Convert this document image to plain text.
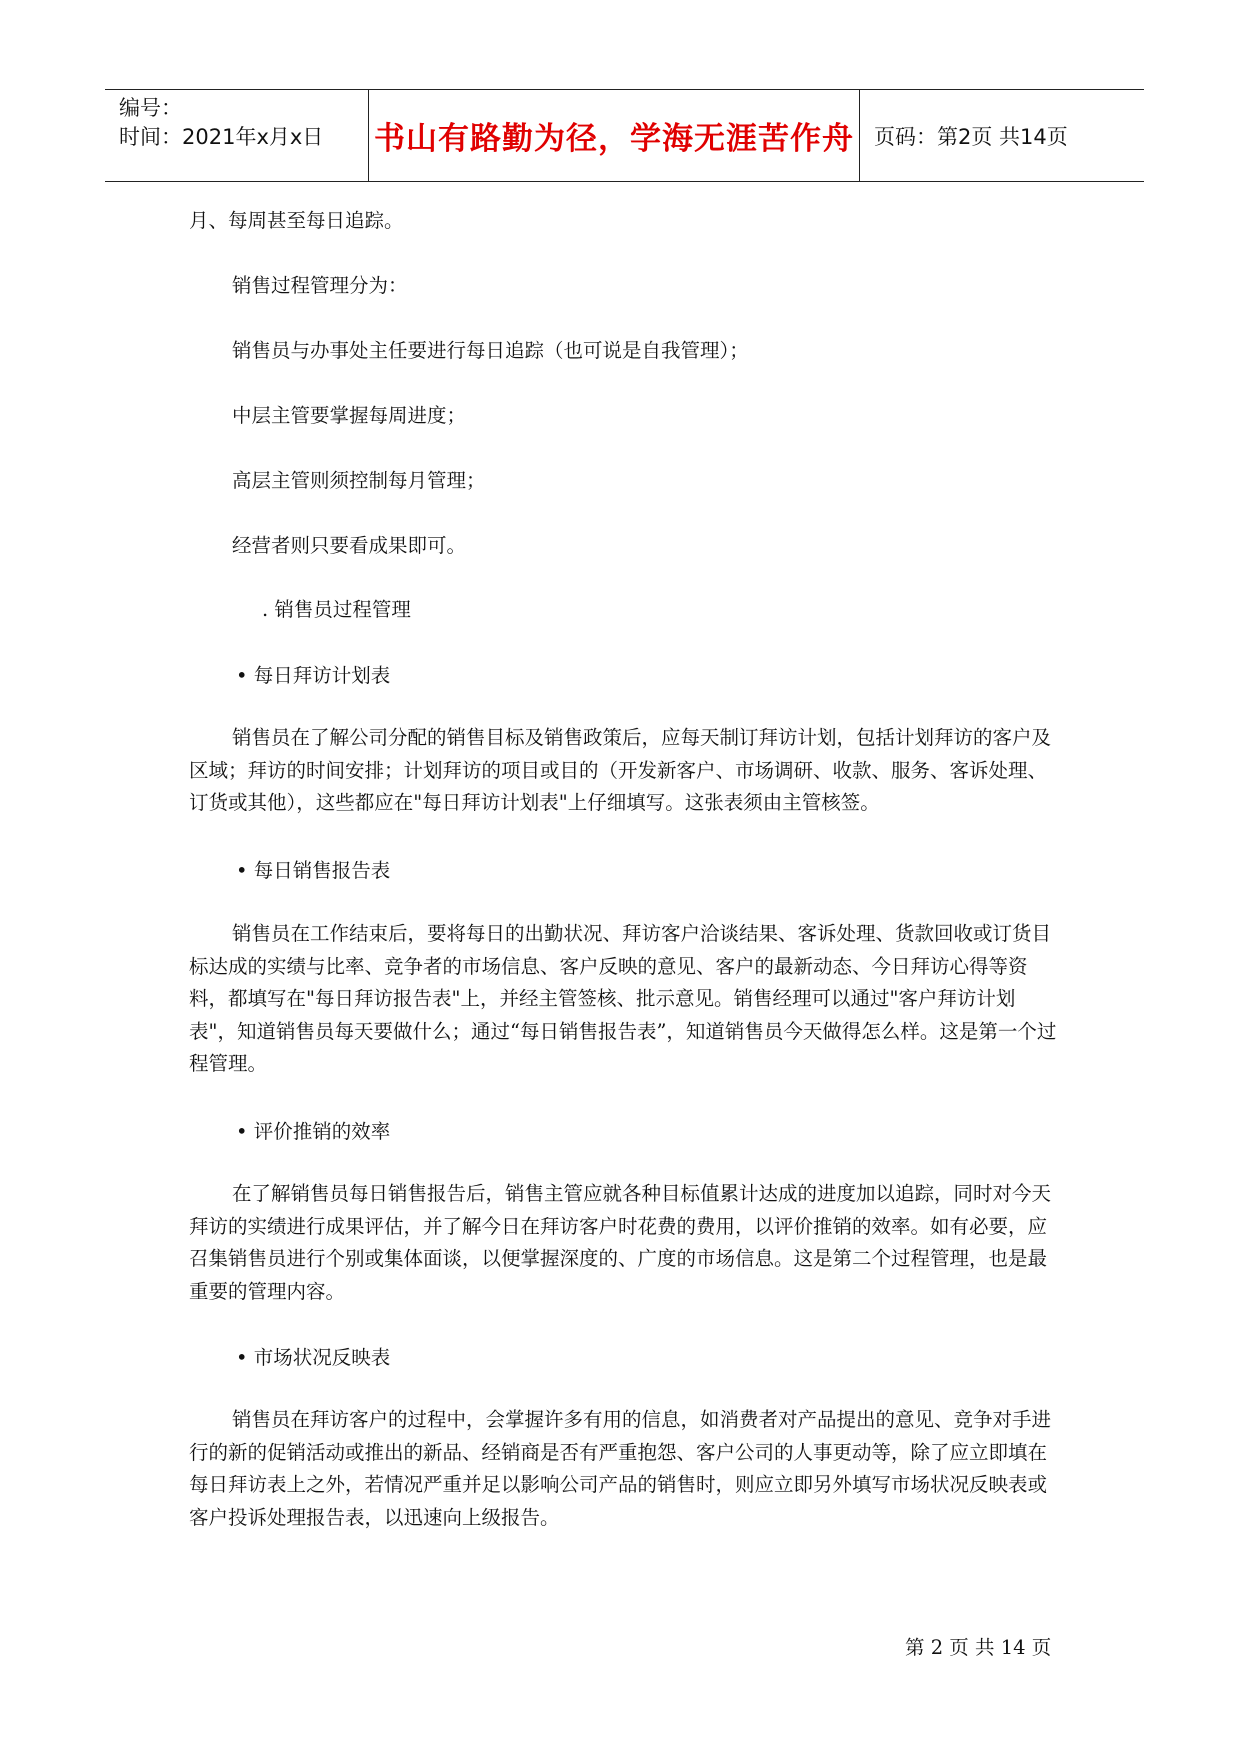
编号：
时间：2021年x月x日	书山有路勤为径，学海无涯苦作舟 页码：第2页 共14页
月、每周甚至每日追踪。
销售过程管理分为：
销售员与办事处主任要进行每日追踪（也可说是自我管理）；
中层主管要掌握每周进度；
高层主管则须控制每月管理；
经营者则只要看成果即可。
. 销售员过程管理
• 每日拜访计划表
销售员在了解公司分配的销售目标及销售政策后，应每天制订拜访计划，包括计划拜访的客户及区域；拜访的时间安排；计划拜访的项目或目的（开发新客户、市场调研、收款、服务、客诉处理、订货或其他），这些都应在"每日拜访计划表"上仔细填写。这张表须由主管核签。
• 每日销售报告表
销售员在工作结束后，要将每日的出勤状况、拜访客户洽谈结果、客诉处理、货款回收或订货目标达成的实绩与比率、竞争者的市场信息、客户反映的意见、客户的最新动态、今日拜访心得等资料，都填写在"每日拜访报告表"上，并经主管签核、批示意见。销售经理可以通过"客户拜访计划表"，知道销售员每天要做什么；通过“每日销售报告表”，知道销售员今天做得怎么样。这是第一个过程管理。
• 评价推销的效率
在了解销售员每日销售报告后，销售主管应就各种目标值累计达成的进度加以追踪，同时对今天拜访的实绩进行成果评估，并了解今日在拜访客户时花费的费用，以评价推销的效率。如有必要，应召集销售员进行个别或集体面谈，以便掌握深度的、广度的市场信息。这是第二个过程管理，也是最重要的管理内容。
• 市场状况反映表
销售员在拜访客户的过程中，会掌握许多有用的信息，如消费者对产品提出的意见、竞争对手进行的新的促销活动或推出的新品、经销商是否有严重抱怨、客户公司的人事更动等，除了应立即填在每日拜访表上之外，若情况严重并足以影响公司产品的销售时，则应立即另外填写市场状况反映表或客户投诉处理报告表，以迅速向上级报告。
第 2 页 共 14 页
